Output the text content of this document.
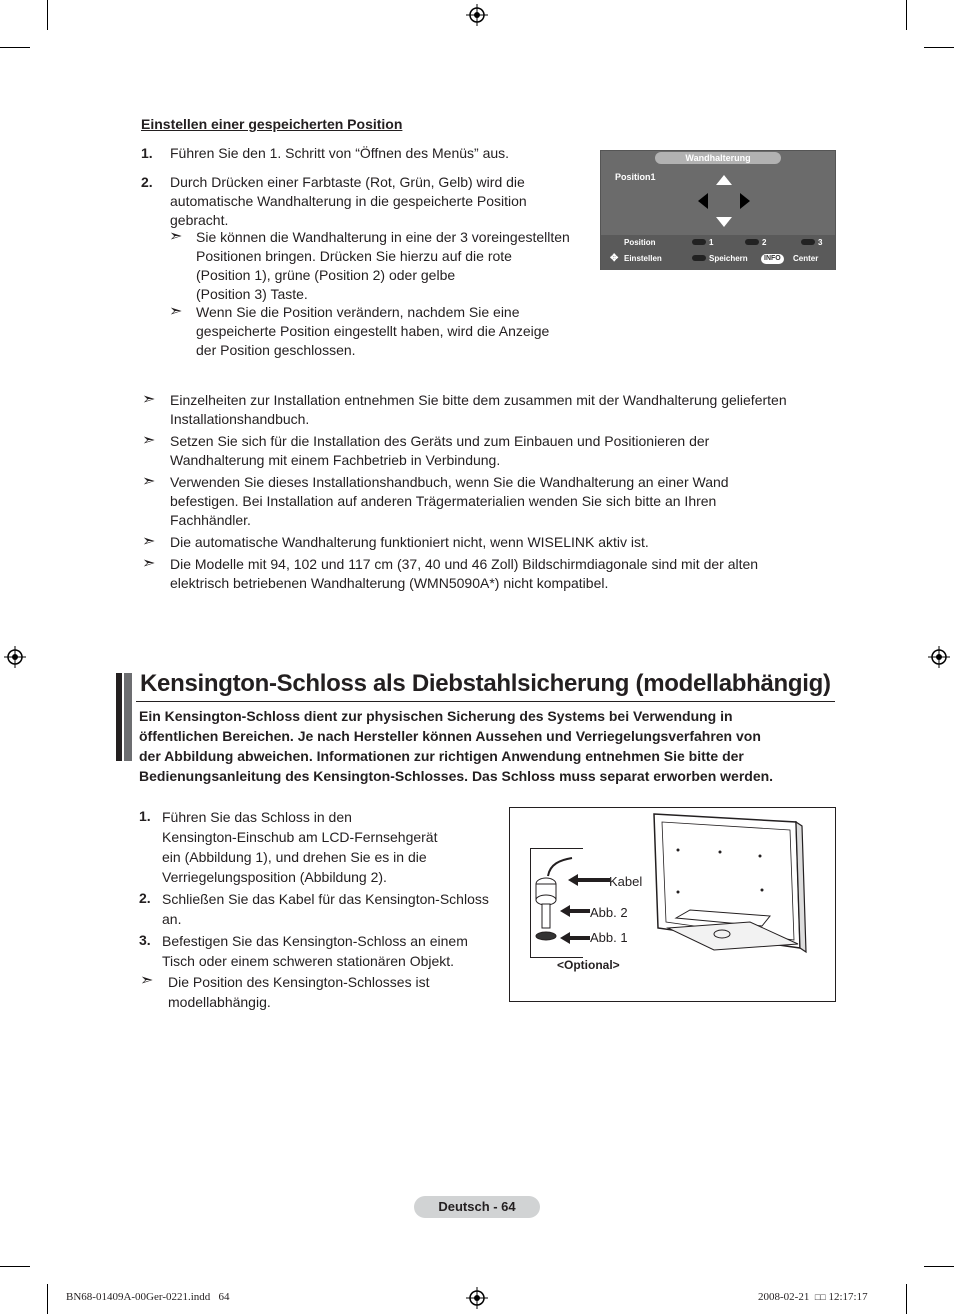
Einstellen einer gespeicherten Position
1. Führen Sie den 1. Schritt von “Öffnen des Menüs” aus.
2. Durch Drücken einer Farbtaste (Rot, Grün, Gelb) wird die
automatische Wandhalterung in die gespeicherte Position
gebracht.
➣ Sie können die Wandhalterung in eine der 3 voreingestellten
Positionen bringen. Drücken Sie hierzu auf die rote
(Position 1), grüne (Position 2) oder gelbe
(Position 3) Taste.
➣ Wenn Sie die Position verändern, nachdem Sie eine
gespeicherte Position eingestellt haben, wird die Anzeige
der Position geschlossen.
Wandhalterung
Position1
Position	1	2	3
✥ Einstellen	Speichern	INFO	Center
➣ Einzelheiten zur Installation entnehmen Sie bitte dem zusammen mit der Wandhalterung gelieferten
Installationshandbuch.
➣ Setzen Sie sich für die Installation des Geräts und zum Einbauen und Positionieren der
Wandhalterung mit einem Fachbetrieb in Verbindung.
➣ Verwenden Sie dieses Installationshandbuch, wenn Sie die Wandhalterung an einer Wand
befestigen. Bei Installation auf anderen Trägermaterialien wenden Sie sich bitte an Ihren
Fachhändler.
➣ Die automatische Wandhalterung funktioniert nicht, wenn WISELINK aktiv ist.
➣ Die Modelle mit 94, 102 und 117 cm (37, 40 und 46 Zoll) Bildschirmdiagonale sind mit der alten
elektrisch betriebenen Wandhalterung (WMN5090A*) nicht kompatibel.
Kensington-Schloss als Diebstahlsicherung (modellabhängig)
Ein Kensington-Schloss dient zur physischen Sicherung des Systems bei Verwendung in
öffentlichen Bereichen. Je nach Hersteller können Aussehen und Verriegelungsverfahren von
der Abbildung abweichen. Informationen zur richtigen Anwendung entnehmen Sie bitte der
Bedienungsanleitung des Kensington-Schlosses. Das Schloss muss separat erworben werden.
1. Führen Sie das Schloss in den
Kensington-Einschub am LCD-Fernsehgerät
ein (Abbildung 1), und drehen Sie es in die
Verriegelungsposition (Abbildung 2).
2. Schließen Sie das Kabel für das Kensington-Schloss
an.
3. Befestigen Sie das Kensington-Schloss an einem
Tisch oder einem schweren stationären Objekt.
➣ Die Position des Kensington-Schlosses ist
modellabhängig.
Kabel
Abb. 2
Abb. 1
<Optional>
Deutsch - 64
BN68-01409A-00Ger-0221.indd   64	2008-02-21 □□ 12:17:17
